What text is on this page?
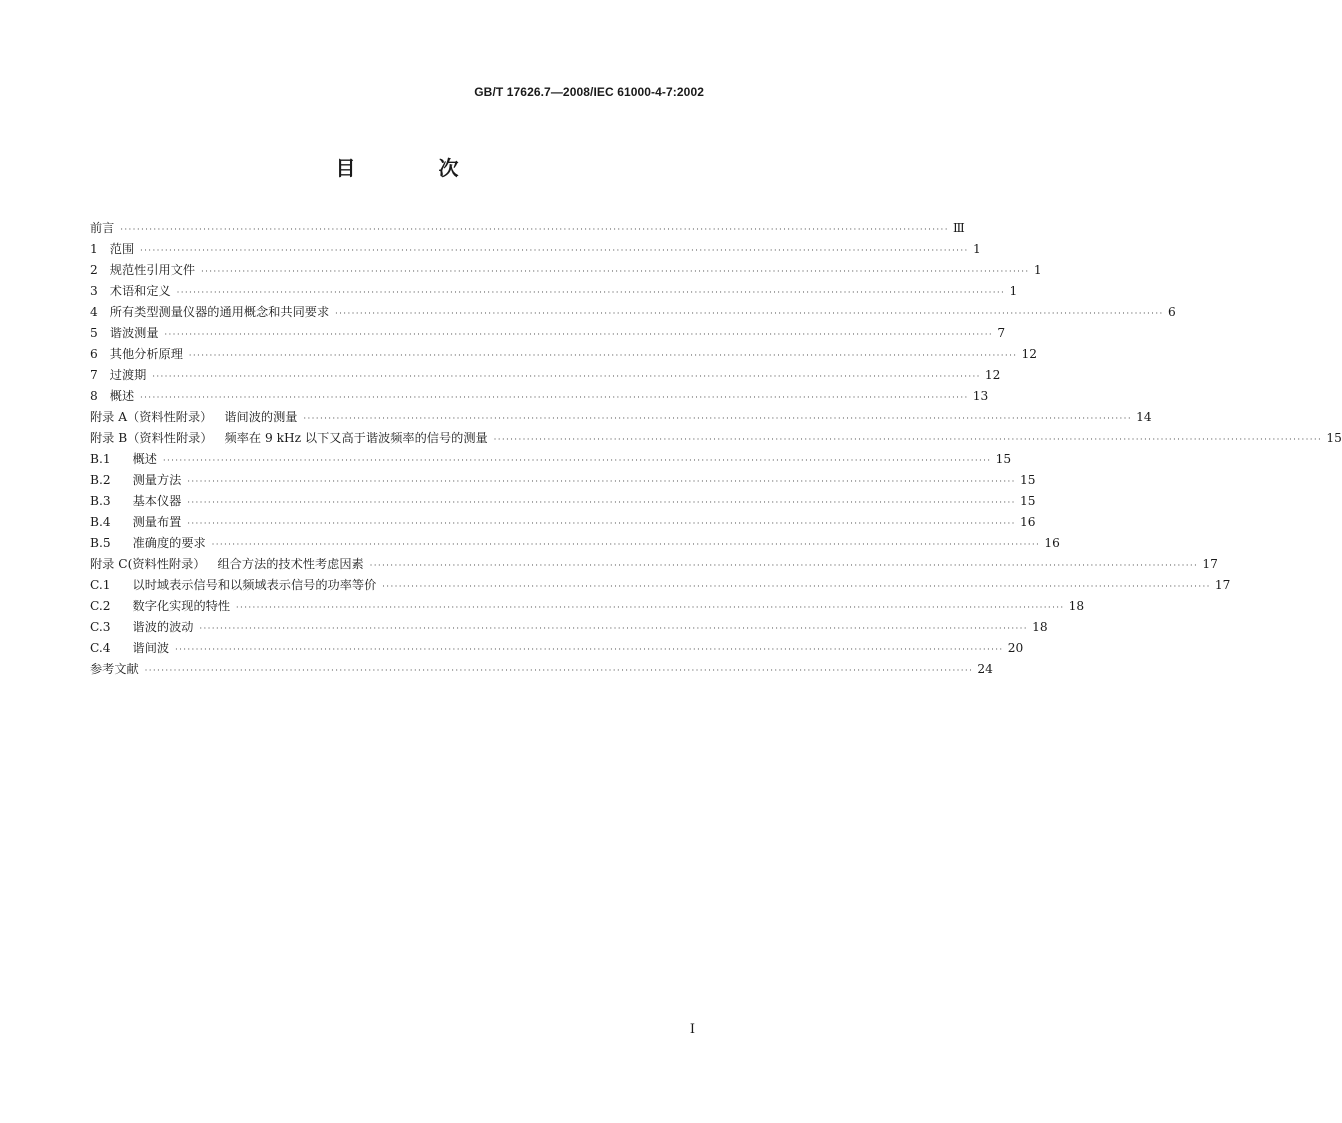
GB/T 17626.7—2008/IEC 61000-4-7:2002
目 次
前言 ········································································································································································································ Ⅲ
1 范围 ········································································································································································································ 1
2 规范性引用文件 ········································································································································································································ 1
3 术语和定义 ········································································································································································································ 1
4 所有类型测量仪器的通用概念和共同要求 ········································································································································································································ 6
5 谐波测量 ········································································································································································································ 7
6 其他分析原理 ········································································································································································································ 12
7 过渡期 ········································································································································································································ 12
8 概述 ········································································································································································································ 13
附录 A（资料性附录） 谐间波的测量 ········································································································································································································ 14
附录 B（资料性附录） 频率在 9 kHz 以下又高于谐波频率的信号的测量 ········································································································································································································ 15
B.1 概述 ········································································································································································································ 15
B.2 测量方法 ········································································································································································································ 15
B.3 基本仪器 ········································································································································································································ 15
B.4 测量布置 ········································································································································································································ 16
B.5 准确度的要求 ········································································································································································································ 16
附录 C(资料性附录） 组合方法的技术性考虑因素 ········································································································································································································ 17
C.1 以时域表示信号和以频域表示信号的功率等价 ········································································································································································································ 17
C.2 数字化实现的特性 ········································································································································································································ 18
C.3 谐波的波动 ········································································································································································································ 18
C.4 谐间波 ········································································································································································································ 20
参考文献 ········································································································································································································ 24
I
